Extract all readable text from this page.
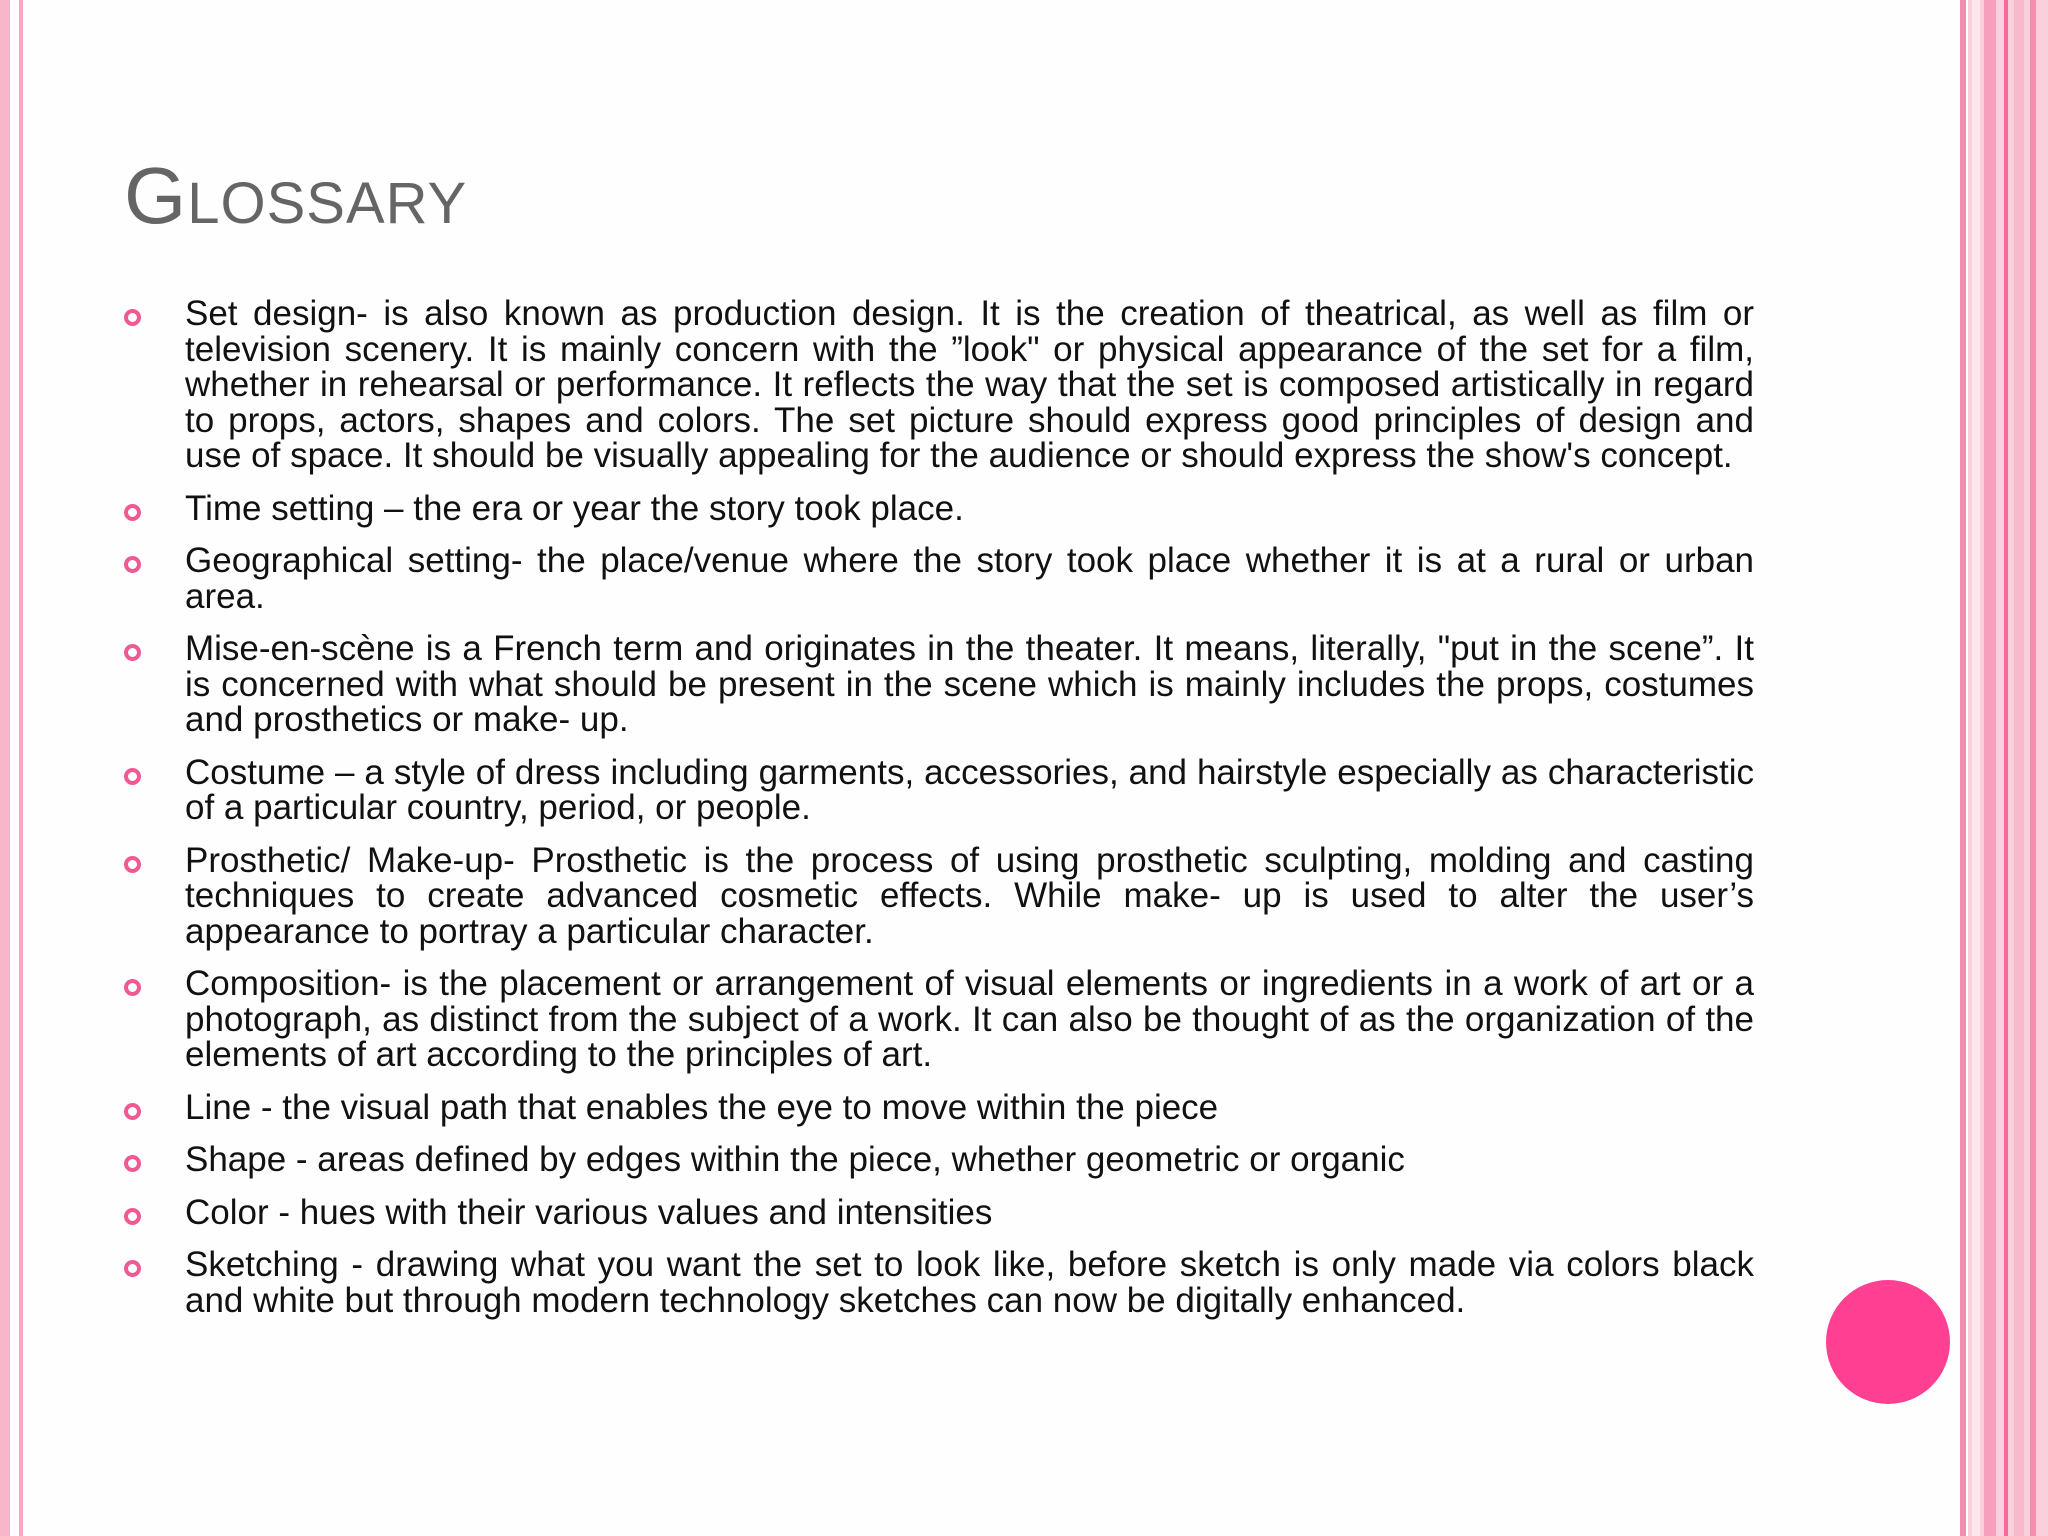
GLOSSARY
Set design- is also known as production design. It is the creation of theatrical, as well as film or television scenery. It is mainly concern with the ”look" or physical appearance of the set for a film, whether in rehearsal or performance. It reflects the way that the set is composed artistically in regard to props, actors, shapes and colors. The set picture should express good principles of design and use of space. It should be visually appealing for the audience or should express the show's concept.
Time setting – the era or year the story took place.
Geographical setting- the place/venue where the story took place whether it is at a rural or urban area.
Mise-en-scène is a French term and originates in the theater. It means, literally, "put in the scene”. It is concerned with what should be present in the scene which is mainly includes the props, costumes and prosthetics or make- up.
Costume – a style of dress including garments, accessories, and hairstyle especially as characteristic of a particular country, period, or people.
Prosthetic/ Make-up- Prosthetic is the process of using prosthetic sculpting, molding and casting techniques to create advanced cosmetic effects. While make- up is used to alter the user’s appearance to portray a particular character.
Composition- is the placement or arrangement of visual elements or ingredients in a work of art or a photograph, as distinct from the subject of a work. It can also be thought of as the organization of the elements of art according to the principles of art.
Line - the visual path that enables the eye to move within the piece
Shape - areas defined by edges within the piece, whether geometric or organic
Color - hues with their various values and intensities
Sketching - drawing what you want the set to look like, before sketch is only made via colors black and white but through modern technology sketches can now be digitally enhanced.
